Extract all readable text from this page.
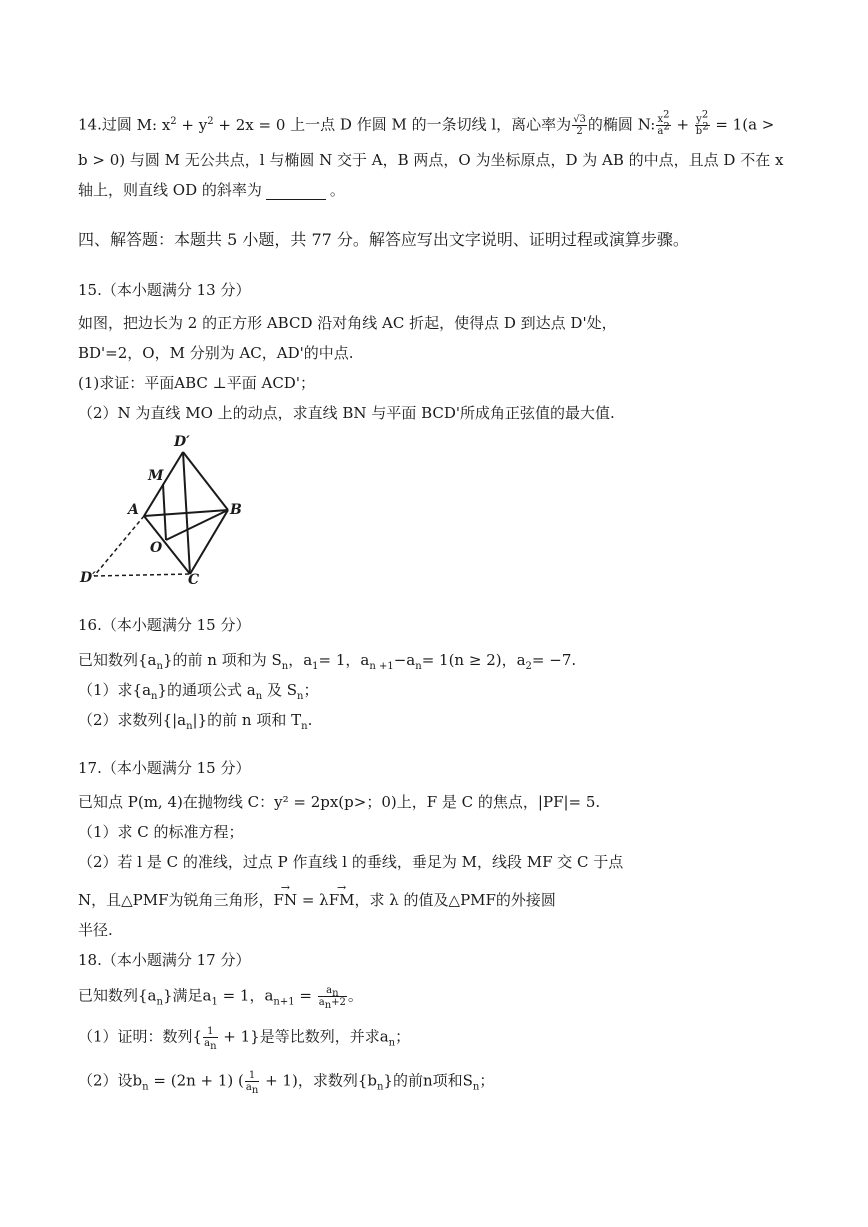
14.过圆 M: $x^2 + y^2 + 2x = 0$ 上一点 D 作圆 M 的一条切线 l，离心率为 $\frac{√3}{2}$ 的椭圆 N: $\frac{x^2}{a^2} + \frac{y^2}{b^2} = 1(a$ >
b > 0) 与圆 M 无公共点，l 与椭圆 N 交于 A，B 两点，O 为坐标原点，D 为 AB 的中点，且点 D 不在 x
轴上，则直线 OD 的斜率为	。
四、解答题：本题共 5 小题，共 77 分。解答应写出文字说明、证明过程或演算步骤。
15.（本小题满分 13 分）
如图，把边长为 2 的正方形 ABCD 沿对角线 AC 折起，使得点 D 到达点 D'处，
BD'=2，O，M 分别为 AC，AD'的中点.
(1)求证：平面ABC ⊥平面 ACD'；
（2）N 为直线 MO 上的动点，求直线 BN 与平面 BCD'所成角正弦值的最大值.
D′
M
A	B
O
D′	C
16.（本小题满分 15 分）
已知数列$\{a_n\}$的前 n 项和为 $S_n$，$a_1= 1$，$a_{n +1}-a_n= 1(n \ge 2)$，$a_2= -7$.
（1）求$\{a_n\}$的通项公式 $a_n$ 及 $S_n$；
（2）求数列$\{|a_n|\}$的前 n 项和 $T_n$.
17.（本小题满分 15 分）
已知点 P(m, 4)在抛物线 C：y² = 2px(p>；0)上，F 是 C 的焦点，|PF|= 5.
（1）求 C 的标准方程；
（2）若 l 是 C 的准线，过点 P 作直线 l 的垂线，垂足为 M，线段 MF 交 C 于点
N，且△PMF为锐角三角形，→ FN = λ→ FM，求 λ 的值及△PMF的外接圆
半径.
18.（本小题满分 17 分）
已知数列$\{a_n\}$满足$a_1 = 1$，$a_{n+1} = \frac{a_n}{a_n+2}$ 。
（1）证明：数列{ $\frac{1}{a_n} + 1$}是等比数列，并求$a_n$；
（2）设$b_n = (2n + 1)$ ( $\frac{1}{a_n} + 1$)，求数列$\{b_n\}$的前n项和$S_n$；
